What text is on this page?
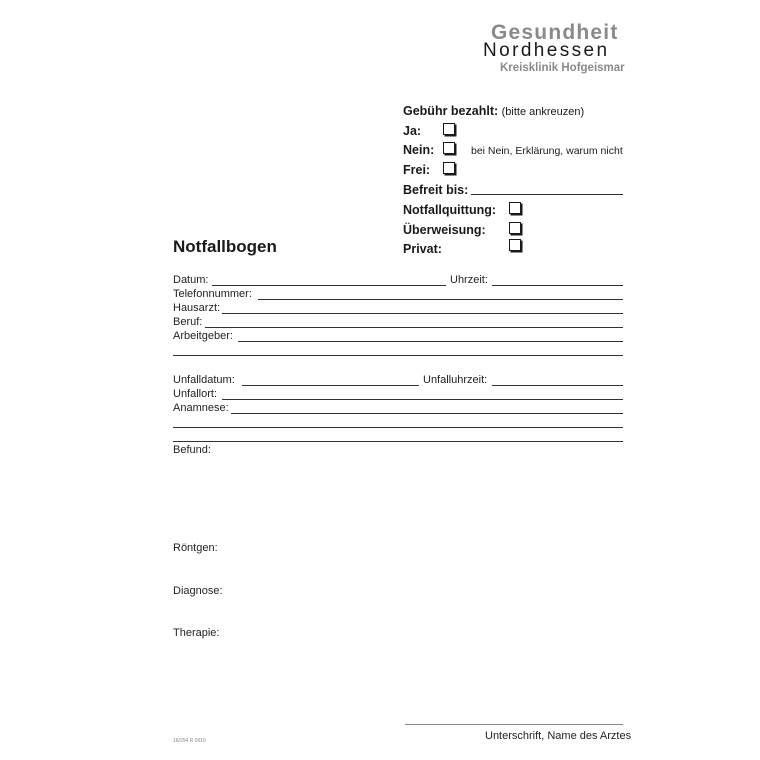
Gesundheit
Nordhessen
Kreisklinik Hofgeismar
Gebühr bezahlt: (bitte ankreuzen)
Ja:
Nein:	bei Nein, Erklärung, warum nicht
Frei:
Befreit bis:
Notfallquittung:
Überweisung:
Privat:
Notfallbogen
Datum:	Uhrzeit:
Telefonnummer:
Hausarzt:
Beruf:
Arbeitgeber:
Unfalldatum:	Unfalluhrzeit:
Unfallort:
Anamnese:
Befund:
Röntgen:
Diagnose:
Therapie:
Unterschrift, Name des Arztes
16/294 R 0610
